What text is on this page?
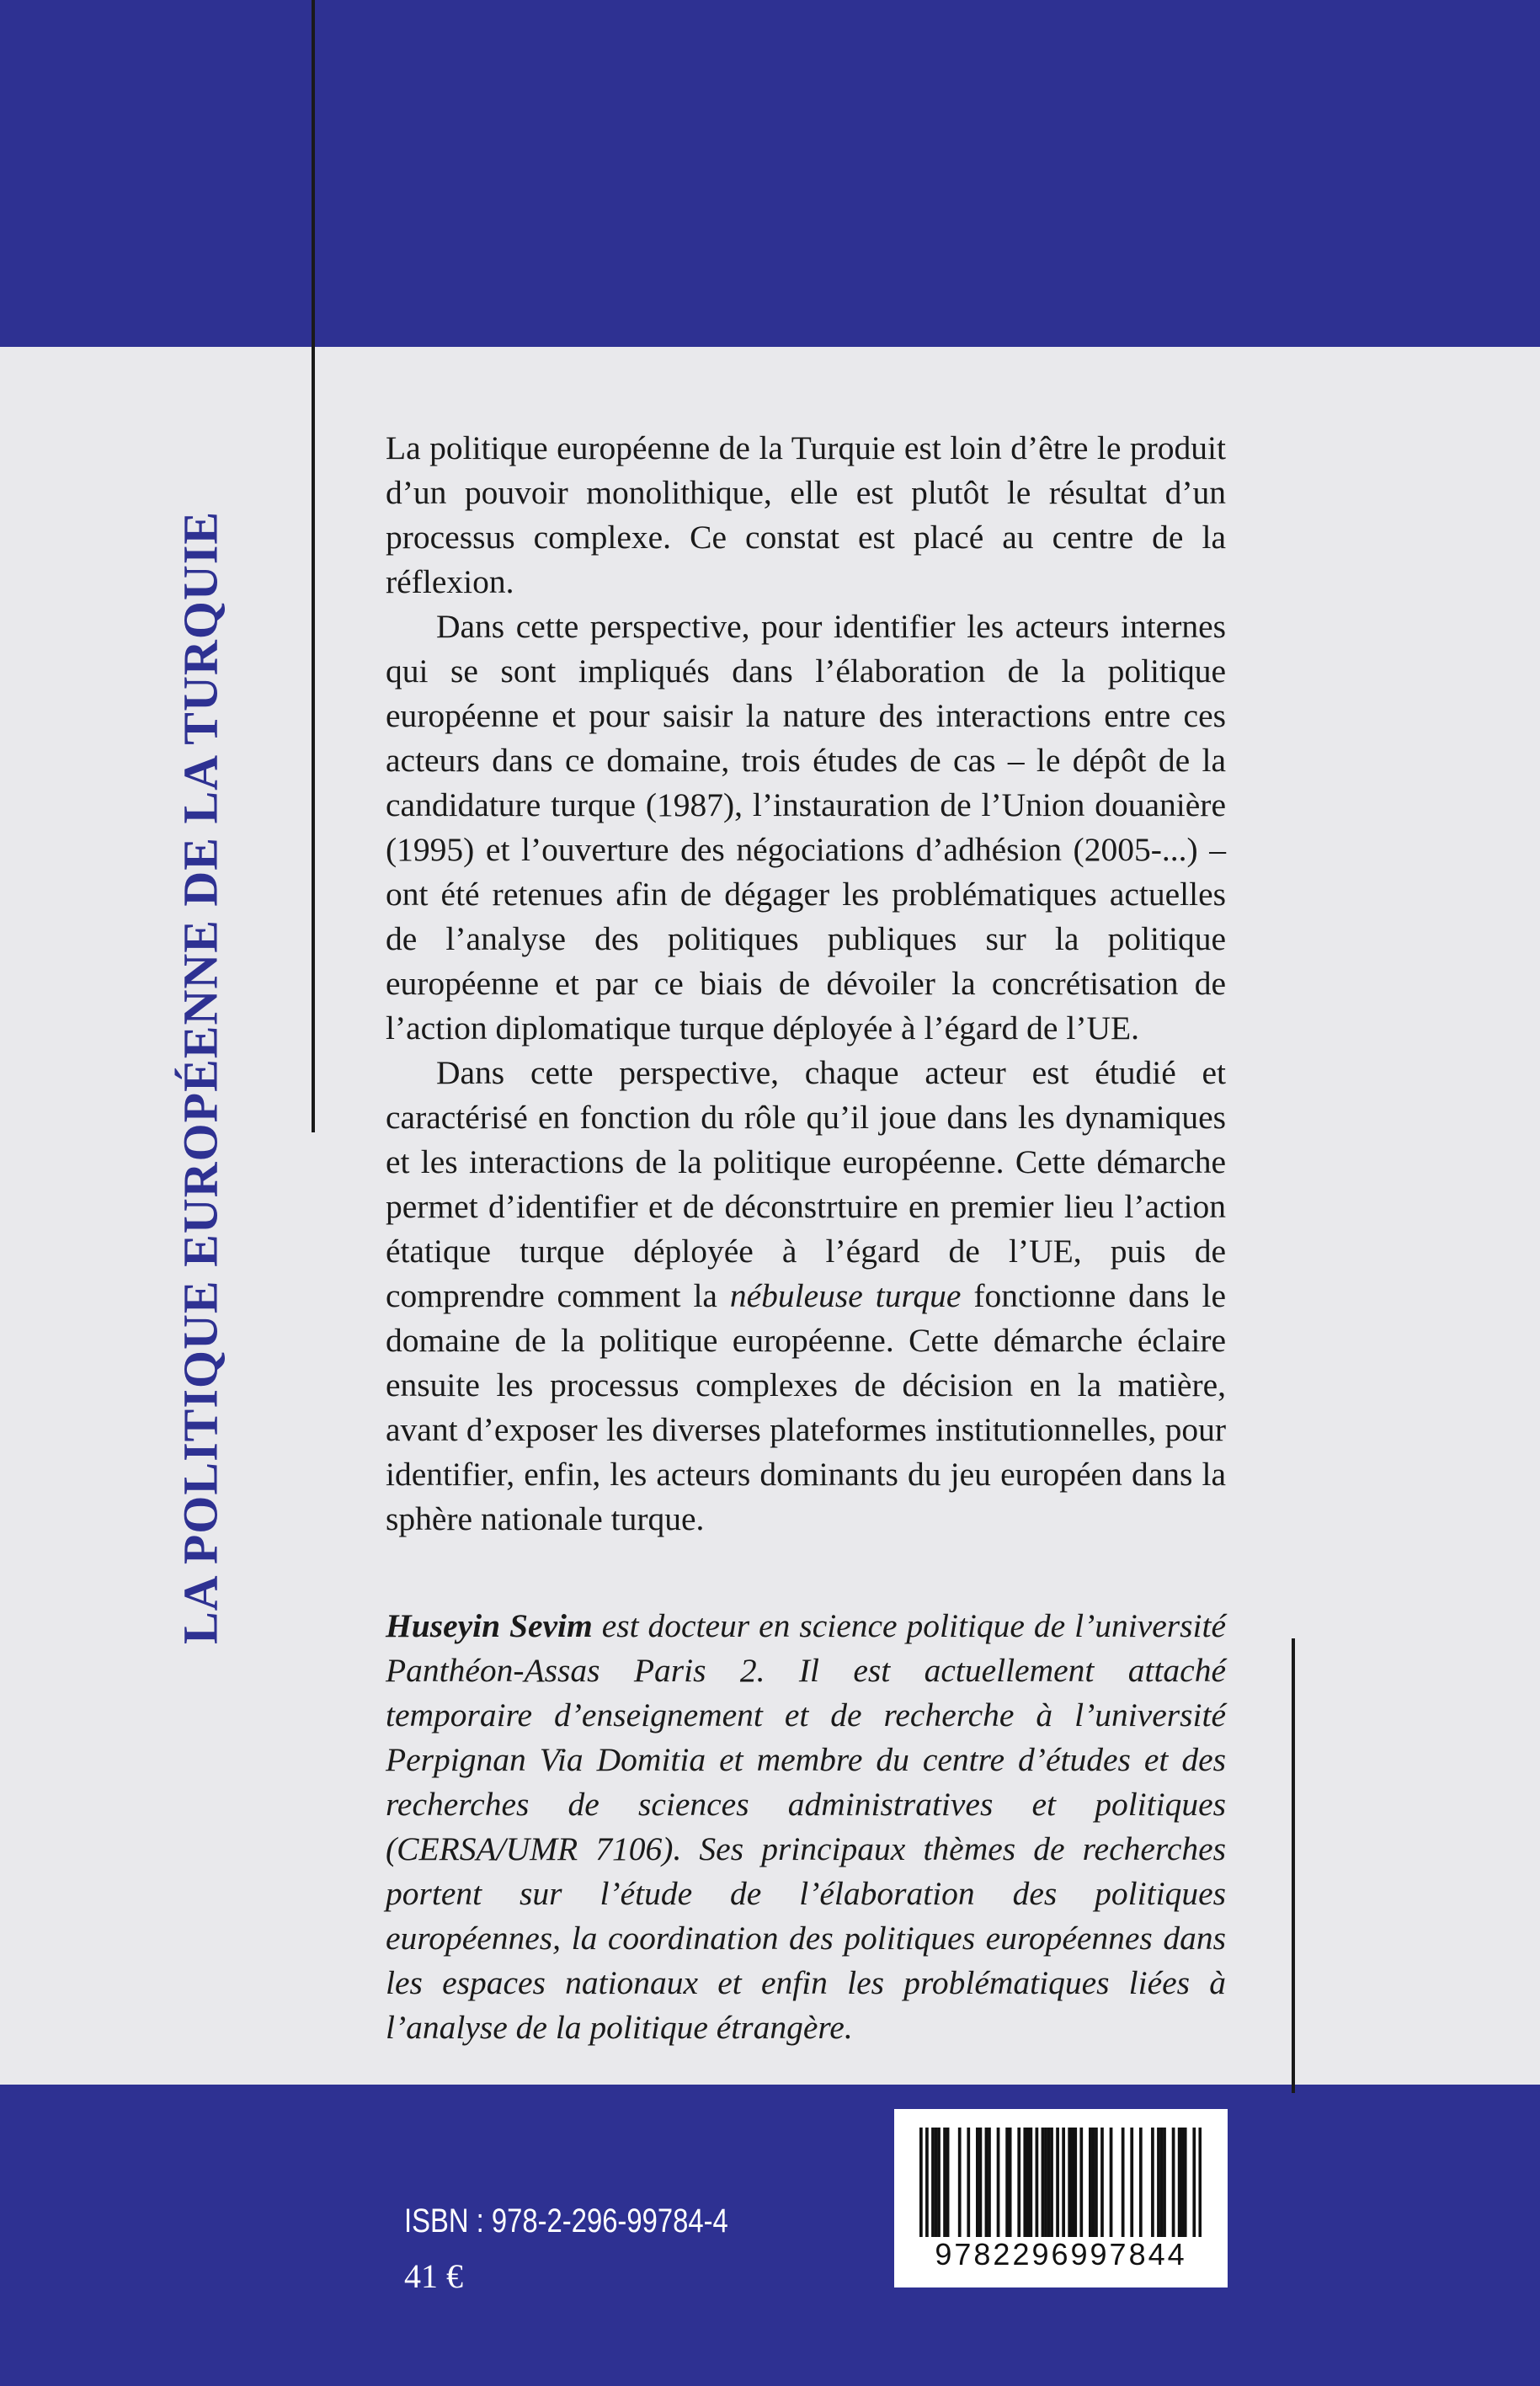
LA POLITIQUE EUROPÉENNE DE LA TURQUIE

La politique européenne de la Turquie est loin d’être le produit d’un pouvoir monolithique, elle est plutôt le résultat d’un processus complexe. Ce constat est placé au centre de la réflexion.

Dans cette perspective, pour identifier les acteurs internes qui se sont impliqués dans l’élaboration de la politique européenne et pour saisir la nature des interactions entre ces acteurs dans ce domaine, trois études de cas – le dépôt de la candidature turque (1987), l’instauration de l’Union douanière (1995) et l’ouverture des négociations d’adhésion (2005-...) – ont été retenues afin de dégager les problématiques actuelles de l’analyse des politiques publiques sur la politique européenne et par ce biais de dévoiler la concrétisation de l’action diplomatique turque déployée à l’égard de l’UE.

Dans cette perspective, chaque acteur est étudié et caractérisé en fonction du rôle qu’il joue dans les dynamiques et les interactions de la politique européenne. Cette démarche permet d’identifier et de déconstrtuire en premier lieu l’action étatique turque déployée à l’égard de l’UE, puis de comprendre comment la nébuleuse turque fonctionne dans le domaine de la politique européenne. Cette démarche éclaire ensuite les processus complexes de décision en la matière, avant d’exposer les diverses plateformes institutionnelles, pour identifier, enfin, les acteurs dominants du jeu européen dans la sphère nationale turque.

Huseyin Sevim est docteur en science politique de l’université Panthéon-Assas Paris 2. Il est actuellement attaché temporaire d’enseignement et de recherche à l’université Perpignan Via Domitia et membre du centre d’études et des recherches de sciences administratives et politiques (CERSA/UMR 7106). Ses principaux thèmes de recherches portent sur l’étude de l’élaboration des politiques européennes, la coordination des politiques européennes dans les espaces nationaux et enfin les problématiques liées à l’analyse de la politique étrangère.

ISBN : 978-2-296-99784-4
41 €
9782296997844
